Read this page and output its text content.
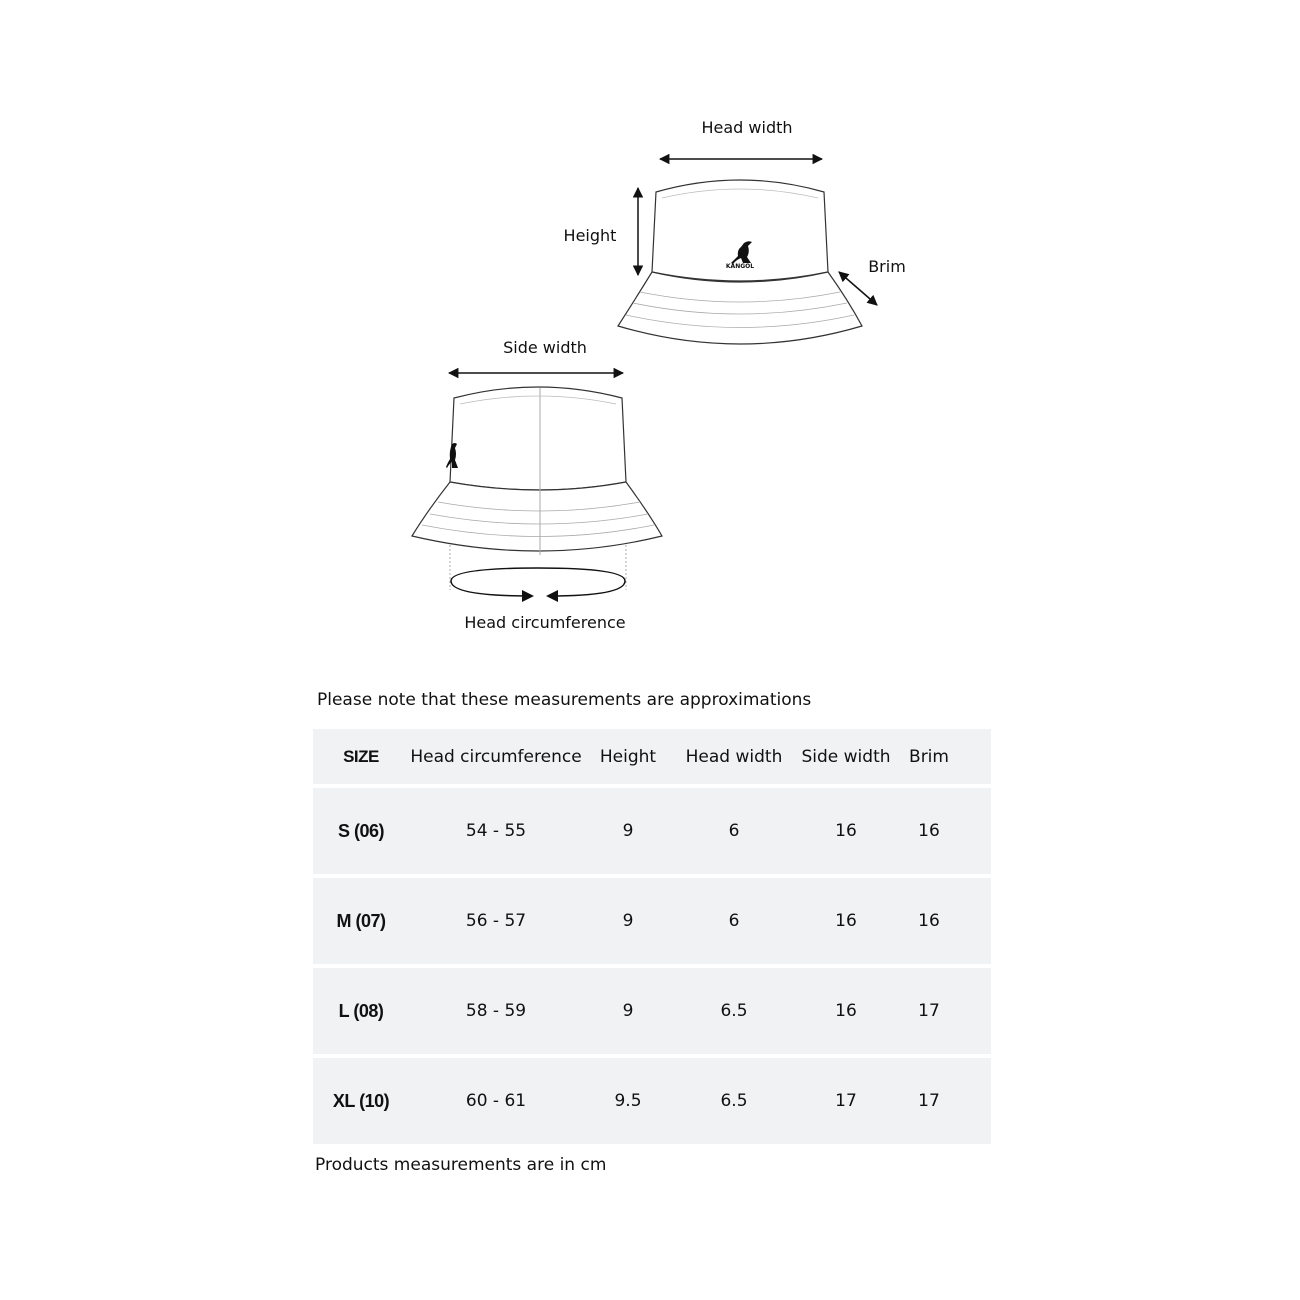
KANGOL
Head width
Height
Brim
Side width
Head circumference
Please note that these measurements are approximations
SIZE	Head circumference	Height	Head width	Side width	Brim
S (06)	54 - 55	9	6	16	16
M (07)	56 - 57	9	6	16	16
L (08)	58 - 59	9	6.5	16	17
XL (10)	60 - 61	9.5	6.5	17	17
Products measurements are in cm
